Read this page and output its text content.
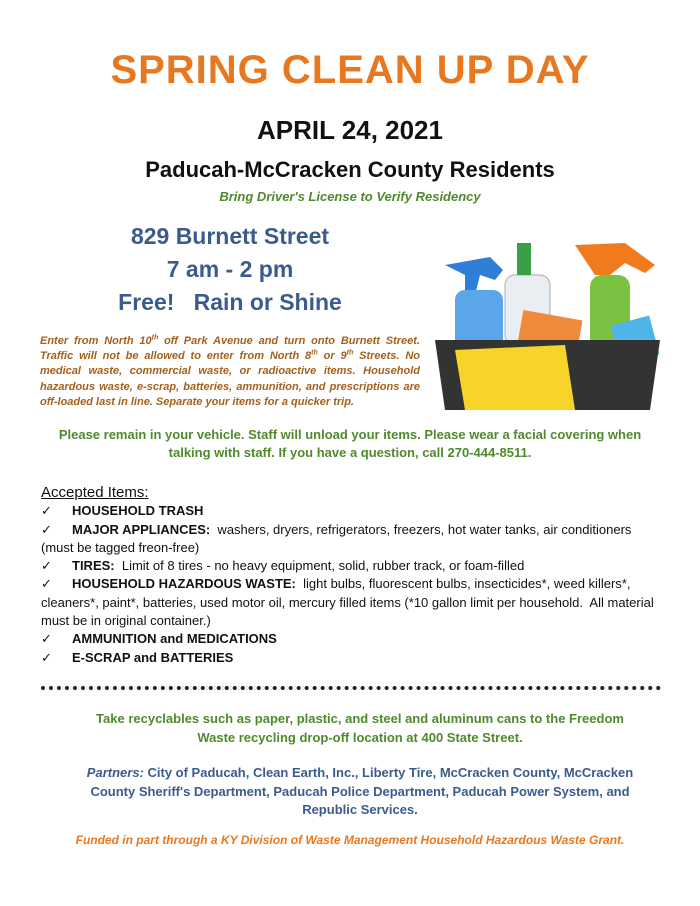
SPRING CLEAN UP DAY
APRIL 24, 2021
Paducah-McCracken County Residents
Bring Driver's License to Verify Residency
829 Burnett Street
7 am - 2 pm
Free!   Rain or Shine
Enter from North 10th off Park Avenue and turn onto Burnett Street. Traffic will not be allowed to enter from North 8th or 9th Streets. No medical waste, commercial waste, or radioactive items. Household hazardous waste, e-scrap, batteries, ammunition, and prescriptions are off-loaded last in line. Separate your items for a quicker trip.
Please remain in your vehicle. Staff will unload your items. Please wear a facial covering when talking with staff. If you have a question, call 270-444-8511.
Accepted Items:
✓ HOUSEHOLD TRASH
✓ MAJOR APPLIANCES:  washers, dryers, refrigerators, freezers, hot water tanks, air conditioners (must be tagged freon-free)
✓ TIRES:  Limit of 8 tires - no heavy equipment, solid, rubber track, or foam-filled
✓ HOUSEHOLD HAZARDOUS WASTE:  light bulbs, fluorescent bulbs, insecticides*, weed killers*, cleaners*, paint*, batteries, used motor oil, mercury filled items (*10 gallon limit per household.  All material must be in original container.)
✓ AMMUNITION and MEDICATIONS
✓ E-SCRAP and BATTERIES
Take recyclables such as paper, plastic, and steel and aluminum cans to the Freedom Waste recycling drop-off location at 400 State Street.
Partners: City of Paducah, Clean Earth, Inc., Liberty Tire, McCracken County, McCracken County Sheriff's Department, Paducah Police Department, Paducah Power System, and Republic Services.
Funded in part through a KY Division of Waste Management Household Hazardous Waste Grant.
